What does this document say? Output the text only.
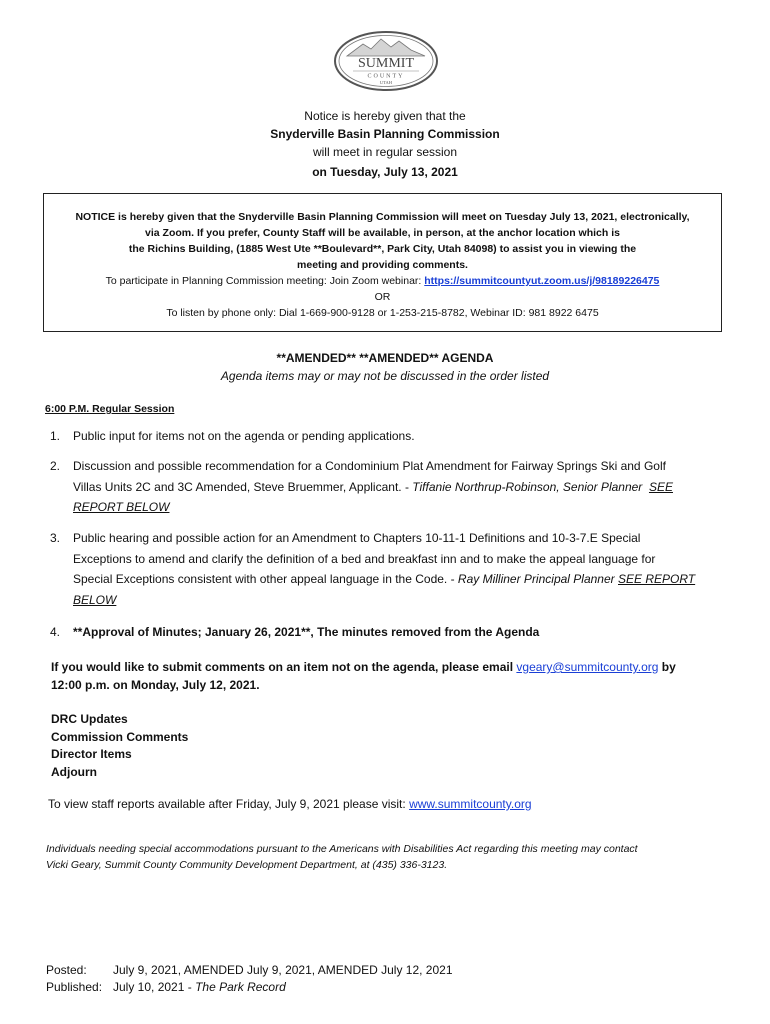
SUMMIT
COUNTY
UTAH
Notice is hereby given that the
Snyderville Basin Planning Commission
will meet in regular session
on Tuesday, July 13, 2021
NOTICE is hereby given that the Snyderville Basin Planning Commission will meet on Tuesday July 13, 2021, electronically,
via Zoom. If you prefer, County Staff will be available, in person, at the anchor location which is
the Richins Building, (1885 West Ute **Boulevard**, Park City, Utah 84098) to assist you in viewing the
meeting and providing comments.
To participate in Planning Commission meeting: Join Zoom webinar: https://summitcountyut.zoom.us/j/98189226475
OR
To listen by phone only: Dial 1-669-900-9128 or 1-253-215-8782, Webinar ID: 981 8922 6475
**AMENDED** **AMENDED** AGENDA
Agenda items may or may not be discussed in the order listed
6:00 P.M. Regular Session
1. Public input for items not on the agenda or pending applications.
2. Discussion and possible recommendation for a Condominium Plat Amendment for Fairway Springs Ski and Golf
Villas Units 2C and 3C Amended, Steve Bruemmer, Applicant. - Tiffanie Northrup-Robinson, Senior Planner SEE
REPORT BELOW
3. Public hearing and possible action for an Amendment to Chapters 10-11-1 Definitions and 10-3-7.E Special
Exceptions to amend and clarify the definition of a bed and breakfast inn and to make the appeal language for
Special Exceptions consistent with other appeal language in the Code. - Ray Milliner Principal Planner SEE REPORT
BELOW
4. **Approval of Minutes; January 26, 2021**, The minutes removed from the Agenda
If you would like to submit comments on an item not on the agenda, please email vgeary@summitcounty.org by
12:00 p.m. on Monday, July 12, 2021.
DRC Updates
Commission Comments
Director Items
Adjourn
To view staff reports available after Friday, July 9, 2021 please visit: www.summitcounty.org
Individuals needing special accommodations pursuant to the Americans with Disabilities Act regarding this meeting may contact
Vicki Geary, Summit County Community Development Department, at (435) 336-3123.
Posted: July 9, 2021, AMENDED July 9, 2021, AMENDED July 12, 2021
Published: July 10, 2021 - The Park Record
